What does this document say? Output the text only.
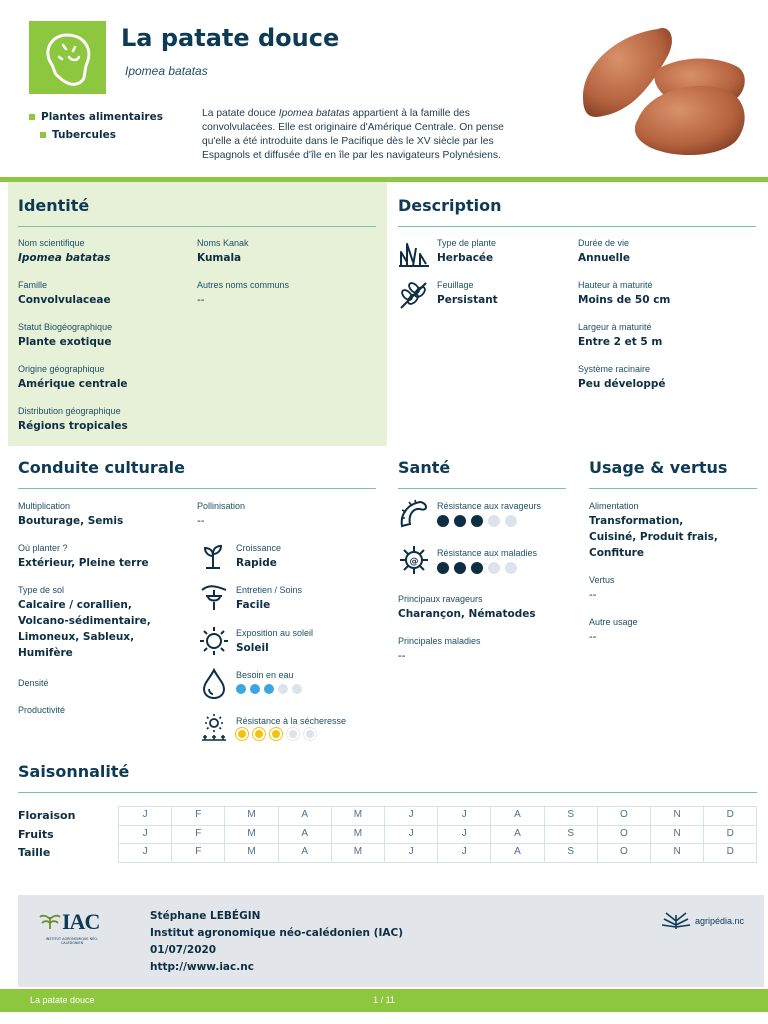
La patate douce
Ipomea batatas
Plantes alimentaires
Tubercules
La patate douce Ipomea batatas appartient à la famille des convolvulacées. Elle est originaire d'Amérique Centrale. On pense qu'elle a été introduite dans le Pacifique dès le XV siècle par les Espagnols et diffusée d'île en île par les navigateurs Polynésiens.
Identité
Nom scientifique
Ipomea batatas
Noms Kanak
Kumala
Famille
Convolvulaceae
Autres noms communs
--
Statut Biogéographique
Plante exotique
Origine géographique
Amérique centrale
Distribution géographique
Régions tropicales
Description
Type de plante
Herbacée
Durée de vie
Annuelle
Feuillage
Persistant
Hauteur à maturité
Moins de 50 cm
Largeur à maturité
Entre 2 et 5 m
Système racinaire
Peu développé
Conduite culturale
Multiplication
Bouturage, Semis
Pollinisation
--
Où planter ?
Extérieur, Pleine terre
Type de sol
Calcaire / corallien,
Volcano-sédimentaire,
Limoneux, Sableux,
Humifère
Densité
Productivité
Croissance
Rapide
Entretien / Soins
Facile
Exposition au soleil
Soleil
Besoin en eau
Résistance à la sécheresse
Santé
Résistance aux ravageurs
@
Résistance aux maladies
Principaux ravageurs
Charançon, Nématodes
Principales maladies
--
Usage & vertus
Alimentation
Transformation,
Cuisiné, Produit frais,
Confiture
Vertus
--
Autre usage
--
Saisonnalité
Floraison	J	F	M	A	M	J	J	A	S	O	N	D
Fruits	J	F	M	A	M	J	J	A	S	O	N	D
Taille	J	F	M	A	M	J	J	A	S	O	N	D
IAC
INSTITUT AGRONOMIQUE NÉO-CALÉDONIEN
Stéphane LEBÉGIN
Institut agronomique néo-calédonien (IAC)
01/07/2020
http://www.iac.nc
agripédia.nc
La patate douce	1 / 11
